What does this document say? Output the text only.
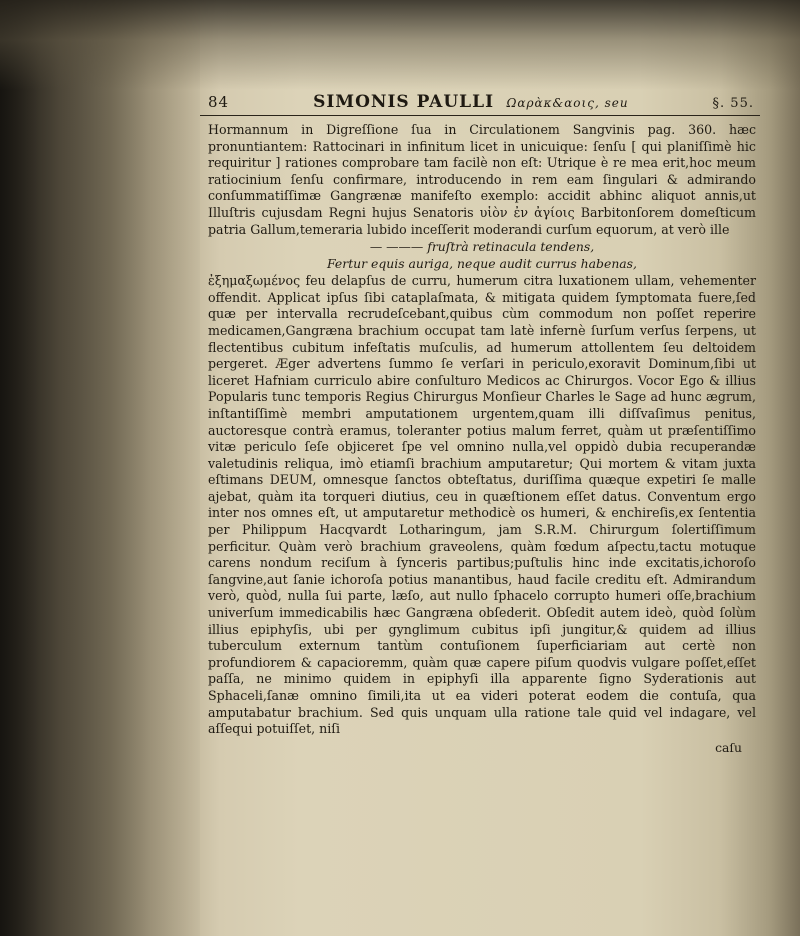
84	SIMONIS PAULLI Ωαρὰκ&αοις, seu	§. 55.

Hormannum in Digreſſione ſua in Circulationem Sangvinis pag. 360. hæc pronuntiantem: Rattocinari in infinitum licet in unicuique: ſenſu [ qui planiſſimè hic requiritur ] rationes comprobare tam facilè non eſt: Utrique è re mea erit,hoc meum ratiocinium ſenſu confirmare, introducendo in rem eam ſingulari & admirando conſummatiſſimæ Gangrænæ manifeſto exemplo: accidit abhinc aliquot annis,ut Illuſtris cujusdam Regni hujus Senatoris υἱὸν ἐν ἀγίοις Barbitonſorem domeſticum patria Gallum,temeraria lubido inceſſerit moderandi curſum equorum, at verò ille

— ——— fruſtrà retinacula tendens,
Fertur equis auriga, neque audit currus habenas,

ἐξημαξωμένος feu delapſus de curru, humerum citra luxationem ullam, vehementer offendit. Applicat ipſus ſibi cataplaſmata, & mitigata quidem ſymptomata fuere,ſed quæ per intervalla recrudeſcebant,quibus cùm commodum non poſſet reperire medicamen,Gangræna brachium occupat tam latè infernè ſurſum verſus ſerpens, ut flectentibus cubitum infeſtatis muſculis, ad humerum attollentem ſeu deltoidem pergeret. Æger advertens ſummo ſe verſari in periculo,exoravit Dominum,ſibi ut liceret Hafniam curriculo abire conſulturo Medicos ac Chirurgos. Vocor Ego & illius Popularis tunc temporis Regius Chirurgus Monſieur Charles le Sage ad hunc ægrum, inſtantiſſimè membri amputationem urgentem,quam illi diſſvaſimus penitus, auctoresque contrà eramus, toleranter potius malum ferret, quàm ut præſentiſſimo vitæ periculo ſeſe objiceret ſpe vel omnino nulla,vel oppidò dubia recuperandæ valetudinis reliqua, imò etiamſi brachium amputaretur; Qui mortem & vitam juxta eſtimans DEUM, omnesque ſanctos obteſtatus, duriſſima quæque expetiri ſe malle ajebat, quàm ita torqueri diutius, ceu in quæſtionem eſſet datus. Conventum ergo inter nos omnes eſt, ut amputaretur methodicè os humeri, & enchireſis,ex ſententia per Philippum Hacqvardt Lotharingum, jam S.R.M. Chirurgum ſolertiſſimum perficitur. Quàm verò brachium graveolens, quàm fœdum aſpectu,tactu motuque carens nondum reciſum à ſynceris partibus;puſtulis hinc inde excitatis,ichoroſo ſangvine,aut ſanie ichoroſa potius manantibus, haud facile creditu eſt. Admirandum verò, quòd, nulla ſui parte, læſo, aut nullo ſphacelo corrupto humeri oſſe,brachium univerſum immedicabilis hæc Gangræna obſederit. Obſedit autem ideò, quòd ſolùm illius epiphyſis, ubi per gynglimum cubitus ipſi jungitur,& quidem ad illius tuberculum externum tantùm contuſionem ſuperficiariam aut certè non profundiorem & capacioremm, quàm quæ capere piſum quodvis vulgare poſſet,eſſet paſſa, ne minimo quidem in epiphyſi illa apparente ſigno Syderationis aut Sphaceli,ſanæ omnino ſimili,ita ut ea videri poterat eodem die contuſa, qua amputabatur brachium. Sed quis unquam ulla ratione tale quid vel indagare, vel aſſequi potuiſſet, niſi

caſu
